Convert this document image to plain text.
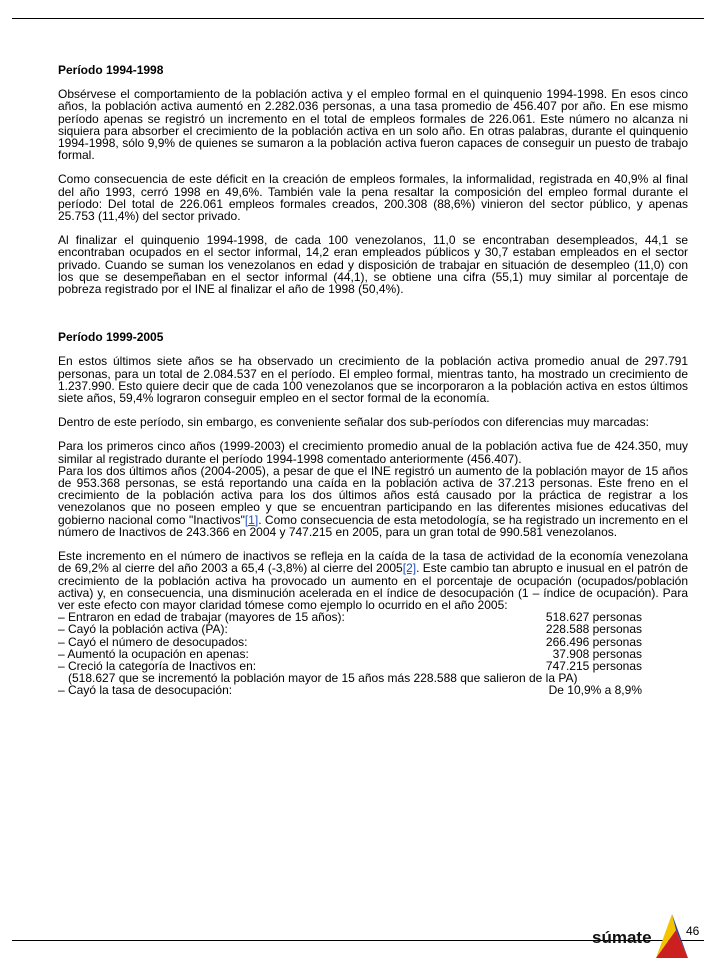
Período 1994-1998

Obsérvese el comportamiento de la población activa y el empleo formal en el quinquenio 1994-1998. En esos cinco años, la población activa aumentó en 2.282.036 personas, a una tasa promedio de 456.407 por año. En ese mismo período apenas se registró un incremento en el total de empleos formales de 226.061. Este número no alcanza ni siquiera para absorber el crecimiento de la población activa en un solo año. En otras palabras, durante el quinquenio 1994-1998, sólo 9,9% de quienes se sumaron a la población activa fueron capaces de conseguir un puesto de trabajo formal.

Como consecuencia de este déficit en la creación de empleos formales, la informalidad, registrada en 40,9% al final del año 1993, cerró 1998 en 49,6%. También vale la pena resaltar la composición del empleo formal durante el período: Del total de 226.061 empleos formales creados, 200.308 (88,6%) vinieron del sector público, y apenas 25.753 (11,4%) del sector privado.

Al finalizar el quinquenio 1994-1998, de cada 100 venezolanos, 11,0 se encontraban desempleados, 44,1 se encontraban ocupados en el sector informal, 14,2 eran empleados públicos y 30,7 estaban empleados en el sector privado. Cuando se suman los venezolanos en edad y disposición de trabajar en situación de desempleo (11,0) con los que se desempeñaban en el sector informal (44,1), se obtiene una cifra (55,1) muy similar al porcentaje de pobreza registrado por el INE al finalizar el año de 1998 (50,4%).

Período 1999-2005

En estos últimos siete años se ha observado un crecimiento de la población activa promedio anual de 297.791 personas, para un total de 2.084.537 en el período. El empleo formal, mientras tanto, ha mostrado un crecimiento de 1.237.990. Esto quiere decir que de cada 100 venezolanos que se incorporaron a la población activa en estos últimos siete años, 59,4% lograron conseguir empleo en el sector formal de la economía.

Dentro de este período, sin embargo, es conveniente señalar dos sub-períodos con diferencias muy marcadas:

Para los primeros cinco años (1999-2003) el crecimiento promedio anual de la población activa fue de 424.350, muy similar al registrado durante el período 1994-1998 comentado anteriormente (456.407).

Para los dos últimos años (2004-2005), a pesar de que el INE registró un aumento de la población mayor de 15 años de 953.368 personas, se está reportando una caída en la población activa de 37.213 personas. Este freno en el crecimiento de la población activa para los dos últimos años está causado por la práctica de registrar a los venezolanos que no poseen empleo y que se encuentran participando en las diferentes misiones educativas del gobierno nacional como "Inactivos"[1]. Como consecuencia de esta metodología, se ha registrado un incremento en el número de Inactivos de 243.366 en 2004 y 747.215 en 2005, para un gran total de 990.581 venezolanos.

Este incremento en el número de inactivos se refleja en la caída de la tasa de actividad de la economía venezolana de 69,2% al cierre del año 2003 a 65,4 (-3,8%) al cierre del 2005[2]. Este cambio tan abrupto e inusual en el patrón de crecimiento de la población activa ha provocado un aumento en el porcentaje de ocupación (ocupados/población activa) y, en consecuencia, una disminución acelerada en el índice de desocupación (1 – índice de ocupación). Para ver este efecto con mayor claridad tómese como ejemplo lo ocurrido en el año 2005:

– Entraron en edad de trabajar (mayores de 15 años):	518.627 personas
– Cayó la población activa (PA):	228.588 personas
– Cayó el número de desocupados:	266.496 personas
– Aumentó la ocupación en apenas:	37.908 personas
– Creció la categoría de Inactivos en:	747.215 personas
(518.627 que se incrementó la población mayor de 15 años más 228.588 que salieron de la PA)
– Cayó la tasa de desocupación:	De 10,9% a 8,9%
súmate	46
